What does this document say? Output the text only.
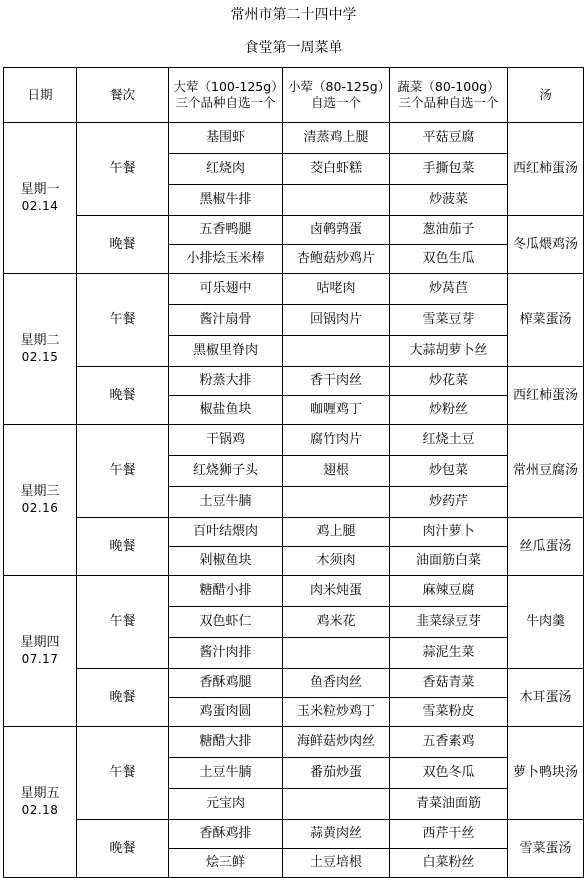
常州市第二十四中学
食堂第一周菜单
日期	餐次	大荤（100-125g）三个品种自选一个	小荤（80-125g）自选一个	蔬菜（80-100g）三个品种自选一个	汤
星期一
02.14	午餐	基围虾	清蒸鸡上腿	平菇豆腐	西红柿蛋汤
		红烧肉	茭白虾糕	手撕包菜	
		黑椒牛排		炒菠菜	
	晚餐	五香鸭腿	卤鹌鹑蛋	葱油茄子	冬瓜煨鸡汤
		小排烩玉米棒	杏鲍菇炒鸡片	双色生瓜	
星期二
02.15	午餐	可乐翅中	咕咾肉	炒莴苣	榨菜蛋汤
		酱汁扇骨	回锅肉片	雪菜豆芽	
		黑椒里脊肉		大蒜胡萝卜丝	
	晚餐	粉蒸大排	香干肉丝	炒花菜	西红柿蛋汤
		椒盐鱼块	咖喱鸡丁	炒粉丝	
星期三
02.16	午餐	干锅鸡	腐竹肉片	红烧土豆	常州豆腐汤
		红烧狮子头	翅根	炒包菜	
		土豆牛腩		炒药芹	
	晚餐	百叶结煨肉	鸡上腿	肉汁萝卜	丝瓜蛋汤
		剁椒鱼块	木须肉	油面筋白菜	
星期四
07.17	午餐	糖醋小排	肉米炖蛋	麻辣豆腐	牛肉羹
		双色虾仁	鸡米花	韭菜绿豆芽	
		酱汁肉排		蒜泥生菜	
	晚餐	香酥鸡腿	鱼香肉丝	香菇青菜	木耳蛋汤
		鸡蛋肉圆	玉米粒炒鸡丁	雪菜粉皮	
星期五
02.18	午餐	糖醋大排	海鲜菇炒肉丝	五香素鸡	萝卜鸭块汤
		土豆牛腩	番茄炒蛋	双色冬瓜	
		元宝肉		青菜油面筋	
	晚餐	香酥鸡排	蒜黄肉丝	西芹干丝	雪菜蛋汤
		烩三鲜	土豆培根	白菜粉丝	
